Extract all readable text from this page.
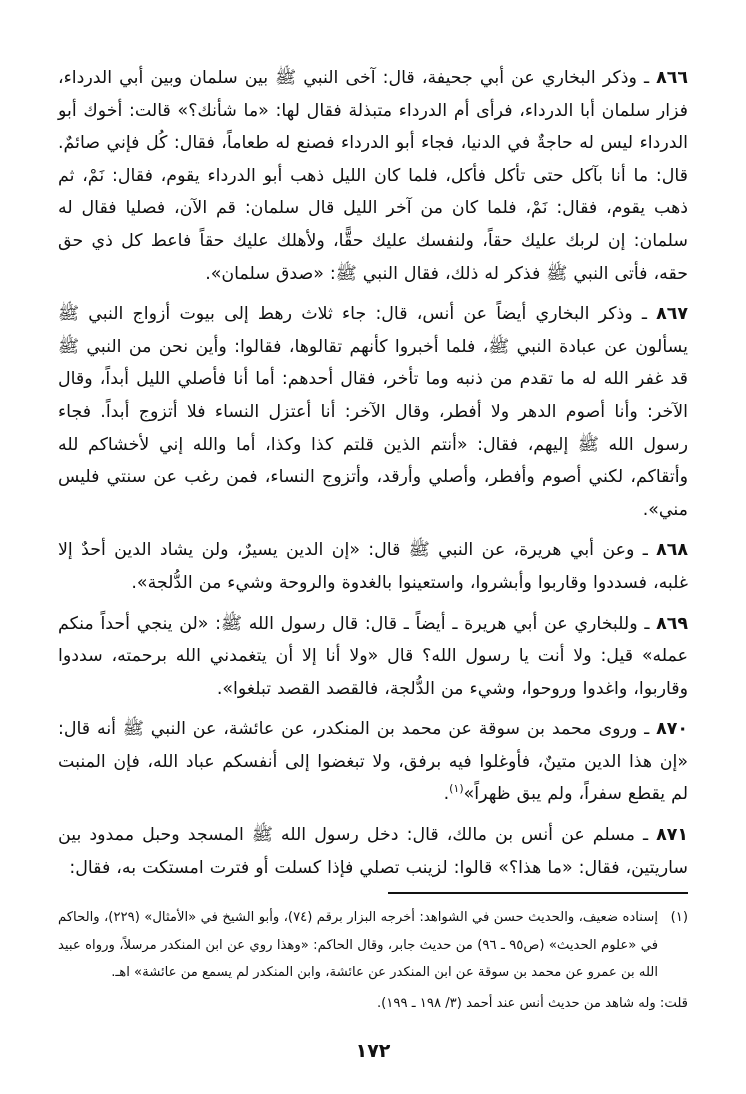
٨٦٦ ـ وذكر البخاري عن أبي جحيفة، قال: آخى النبي ﷺ بين سلمان وبين أبي الدرداء، فزار سلمان أبا الدرداء، فرأى أم الدرداء متبذلة فقال لها: «ما شأنك؟» قالت: أخوك أبو الدرداء ليس له حاجةٌ في الدنيا، فجاء أبو الدرداء فصنع له طعاماً، فقال: كُل فإني صائمٌ. قال: ما أنا بآكل حتى تأكل فأكل، فلما كان الليل ذهب أبو الدرداء يقوم، فقال: نَمْ، ثم ذهب يقوم، فقال: نَمْ، فلما كان من آخر الليل قال سلمان: قم الآن، فصليا فقال له سلمان: إن لربك عليك حقاً، ولنفسك عليك حقًّا، ولأهلك عليك حقاً فاعط كل ذي حق حقه، فأتى النبي ﷺ فذكر له ذلك، فقال النبي ﷺ: «صدق سلمان».

٨٦٧ ـ وذكر البخاري أيضاً عن أنس، قال: جاء ثلاث رهط إلى بيوت أزواج النبي ﷺ يسألون عن عبادة النبي ﷺ، فلما أخبروا كأنهم تقالوها، فقالوا: وأين نحن من النبي ﷺ قد غفر الله له ما تقدم من ذنبه وما تأخر، فقال أحدهم: أما أنا فأصلي الليل أبداً، وقال الآخر: وأنا أصوم الدهر ولا أفطر، وقال الآخر: أنا أعتزل النساء فلا أتزوج أبداً. فجاء رسول الله ﷺ إليهم، فقال: «أنتم الذين قلتم كذا وكذا، أما والله إني لأخشاكم لله وأتقاكم، لكني أصوم وأفطر، وأصلي وأرقد، وأتزوج النساء، فمن رغب عن سنتي فليس مني».

٨٦٨ ـ وعن أبي هريرة، عن النبي ﷺ قال: «إن الدين يسيرٌ، ولن يشاد الدين أحدٌ إلا غلبه، فسددوا وقاربوا وأبشروا، واستعينوا بالغدوة والروحة وشيء من الدُّلجة».

٨٦٩ ـ وللبخاري عن أبي هريرة ـ أيضاً ـ قال: قال رسول الله ﷺ: «لن ينجي أحداً منكم عمله» قيل: ولا أنت يا رسول الله؟ قال «ولا أنا إلا أن يتغمدني الله برحمته، سددوا وقاربوا، واغدوا وروحوا، وشيء من الدُّلجة، فالقصد القصد تبلغوا».

٨٧٠ ـ وروى محمد بن سوقة عن محمد بن المنكدر، عن عائشة، عن النبي ﷺ أنه قال: «إن هذا الدين متينٌ، فأوغلوا فيه برفق، ولا تبغضوا إلى أنفسكم عباد الله، فإن المنبت لم يقطع سفراً، ولم يبق ظهراً»$^{(١)}$.

٨٧١ ـ مسلم عن أنس بن مالك، قال: دخل رسول الله ﷺ المسجد وحبل ممدود بين ساريتين، فقال: «ما هذا؟» قالوا: لزينب تصلي فإذا كسلت أو فترت امستكت به، فقال:

(١)
إسناده ضعيف، والحديث حسن في الشواهد: أخرجه البزار برقم (٧٤)، وأبو الشيخ في «الأمثال» (٢٢٩)، والحاكم في «علوم الحديث» (ص٩٥ ـ ٩٦) من حديث جابر، وقال الحاكم: «وهذا روي عن ابن المنكدر مرسلاً، ورواه عبيد الله بن عمرو عن محمد بن سوقة عن ابن المنكدر عن عائشة، وابن المنكدر لم يسمع من عائشة» اهـ.

قلت: وله شاهد من حديث أنس عند أحمد (٣/ ١٩٨ ـ ١٩٩).

١٧٢
